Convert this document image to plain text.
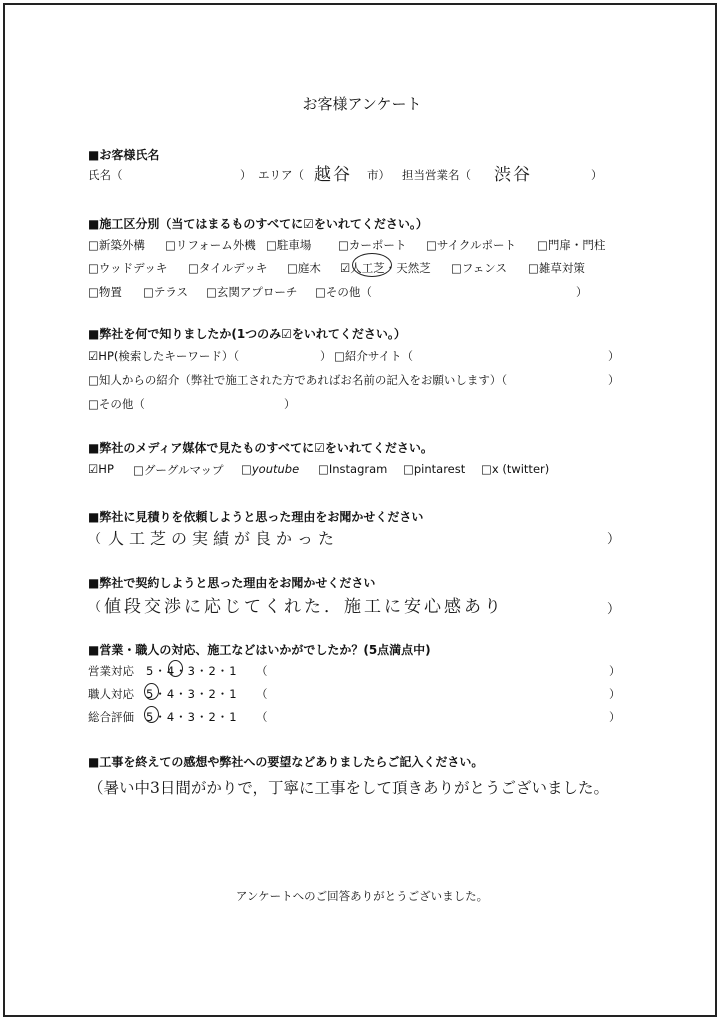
お客様アンケート
■お客様氏名
氏名（	） エリア（ 越谷 市） 担当営業名（ 渋谷	）
■施工区分別（当てはまるものすべてに☑をいれてください。）
□新築外構 □リフォーム外機 □駐車場 □カーポート □サイクルポート □門扉・門柱
□ウッドデッキ □タイルデッキ □庭木 ☑人工芝・天然芝 □フェンス □雑草対策
□物置 □テラス □玄関アプローチ □その他（	）
■弊社を何で知りましたか(1つのみ☑をいれてください。）
☑HP(検索したキーワード）（	） □紹介サイト（	）
□知人からの紹介（弊社で施工された方であればお名前の記入をお願いします）（	）
□その他（	）
■弊社のメディア媒体で見たものすべてに☑をいれてください。
☑HP □グーグルマップ □youtube □Instagram □pintarest □x (twitter)
■弊社に見積りを依頼しようと思った理由をお聞かせください
（ 人工芝の実績が良かった	）
■弊社で契約しようと思った理由をお聞かせください
（ 値段交渉に応じてくれた．施工に安心感あり	）
■営業・職人の対応、施工などはいかがでしたか？(5点満点中)
営業対応 5・4・3・2・1 （	）
職人対応 5・4・3・2・1 （	）
総合評価 5・4・3・2・1 （	）
■工事を終えての感想や弊社への要望などありましたらご記入ください。
（暑い中3日間がかりで，丁寧に工事をして頂きありがとうございました。
アンケートへのご回答ありがとうございました。
